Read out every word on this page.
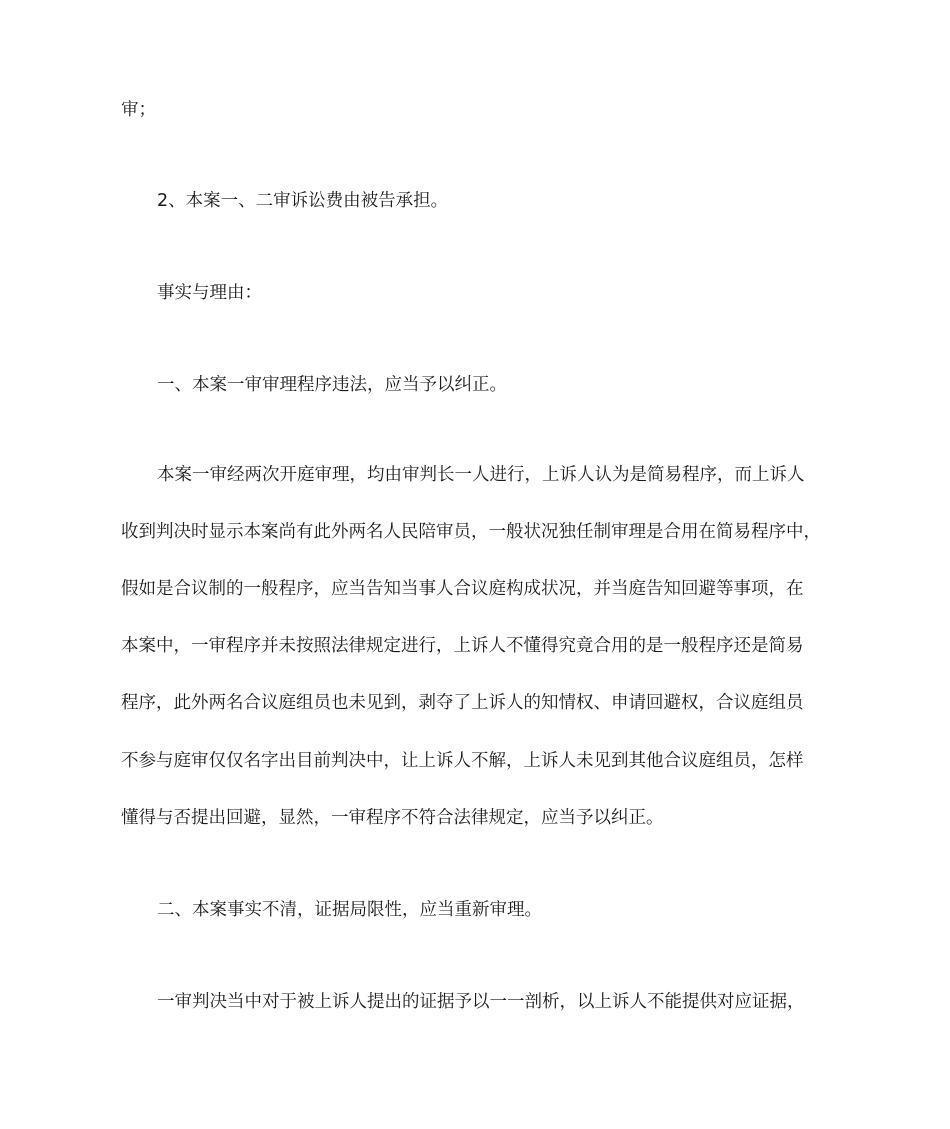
审；
2、本案一、二审诉讼费由被告承担。
事实与理由：
一、本案一审审理程序违法，应当予以纠正。
本案一审经两次开庭审理，均由审判长一人进行，上诉人认为是简易程序，而上诉人
收到判决时显示本案尚有此外两名人民陪审员，一般状况独任制审理是合用在简易程序中，
假如是合议制的一般程序，应当告知当事人合议庭构成状况，并当庭告知回避等事项，在
本案中，一审程序并未按照法律规定进行，上诉人不懂得究竟合用的是一般程序还是简易
程序，此外两名合议庭组员也未见到，剥夺了上诉人的知情权、申请回避权，合议庭组员
不参与庭审仅仅名字出目前判决中，让上诉人不解，上诉人未见到其他合议庭组员，怎样
懂得与否提出回避，显然，一审程序不符合法律规定，应当予以纠正。
二、本案事实不清，证据局限性，应当重新审理。
一审判决当中对于被上诉人提出的证据予以一一剖析，以上诉人不能提供对应证据，
